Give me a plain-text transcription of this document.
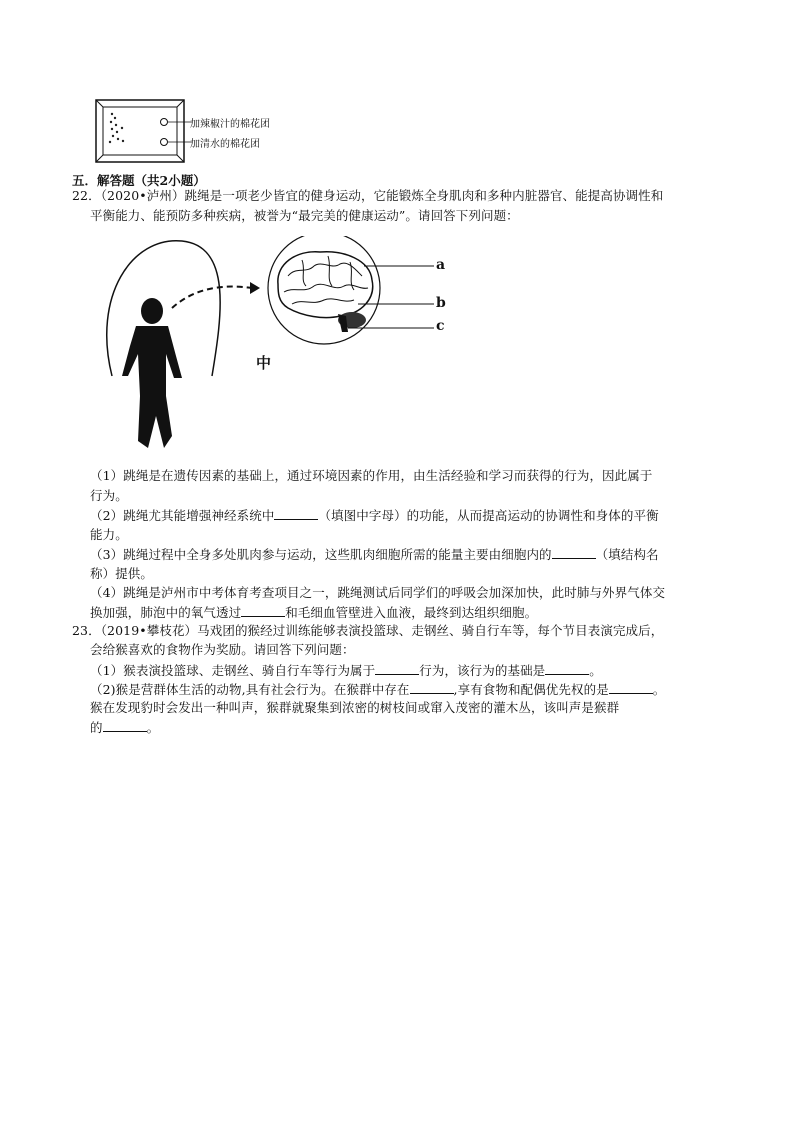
加辣椒汁的棉花团
加清水的棉花团
五．解答题（共2小题）
22．（2020•泸州）跳绳是一项老少皆宜的健身运动，它能锻炼全身肌肉和多种内脏器官、能提高协调性和
平衡能力、能预防多种疾病，被誉为“最完美的健康运动”。请回答下列问题：
a
b
c
中
（1）跳绳是在遗传因素的基础上，通过环境因素的作用，由生活经验和学习而获得的行为，因此属于
行为。
（2）跳绳尤其能增强神经系统中	（填图中字母）的功能，从而提高运动的协调性和身体的平衡
能力。
（3）跳绳过程中全身多处肌肉参与运动，这些肌肉细胞所需的能量主要由细胞内的	（填结构名
称）提供。
（4）跳绳是泸州市中考体育考查项目之一，跳绳测试后同学们的呼吸会加深加快，此时肺与外界气体交
换加强，肺泡中的氧气透过	和毛细血管壁进入血液，最终到达组织细胞。
23．（2019•攀枝花）马戏团的猴经过训练能够表演投篮球、走钢丝、骑自行车等，每个节目表演完成后，
会给猴喜欢的食物作为奖励。请回答下列问题：
（1）猴表演投篮球、走钢丝、骑自行车等行为属于	行为，该行为的基础是	。
（2)猴是营群体生活的动物,具有社会行为。在猴群中存在	,享有食物和配偶优先权的是	。
猴在发现豹时会发出一种叫声，猴群就聚集到浓密的树枝间或窜入茂密的灌木丛，该叫声是猴群
的	。
